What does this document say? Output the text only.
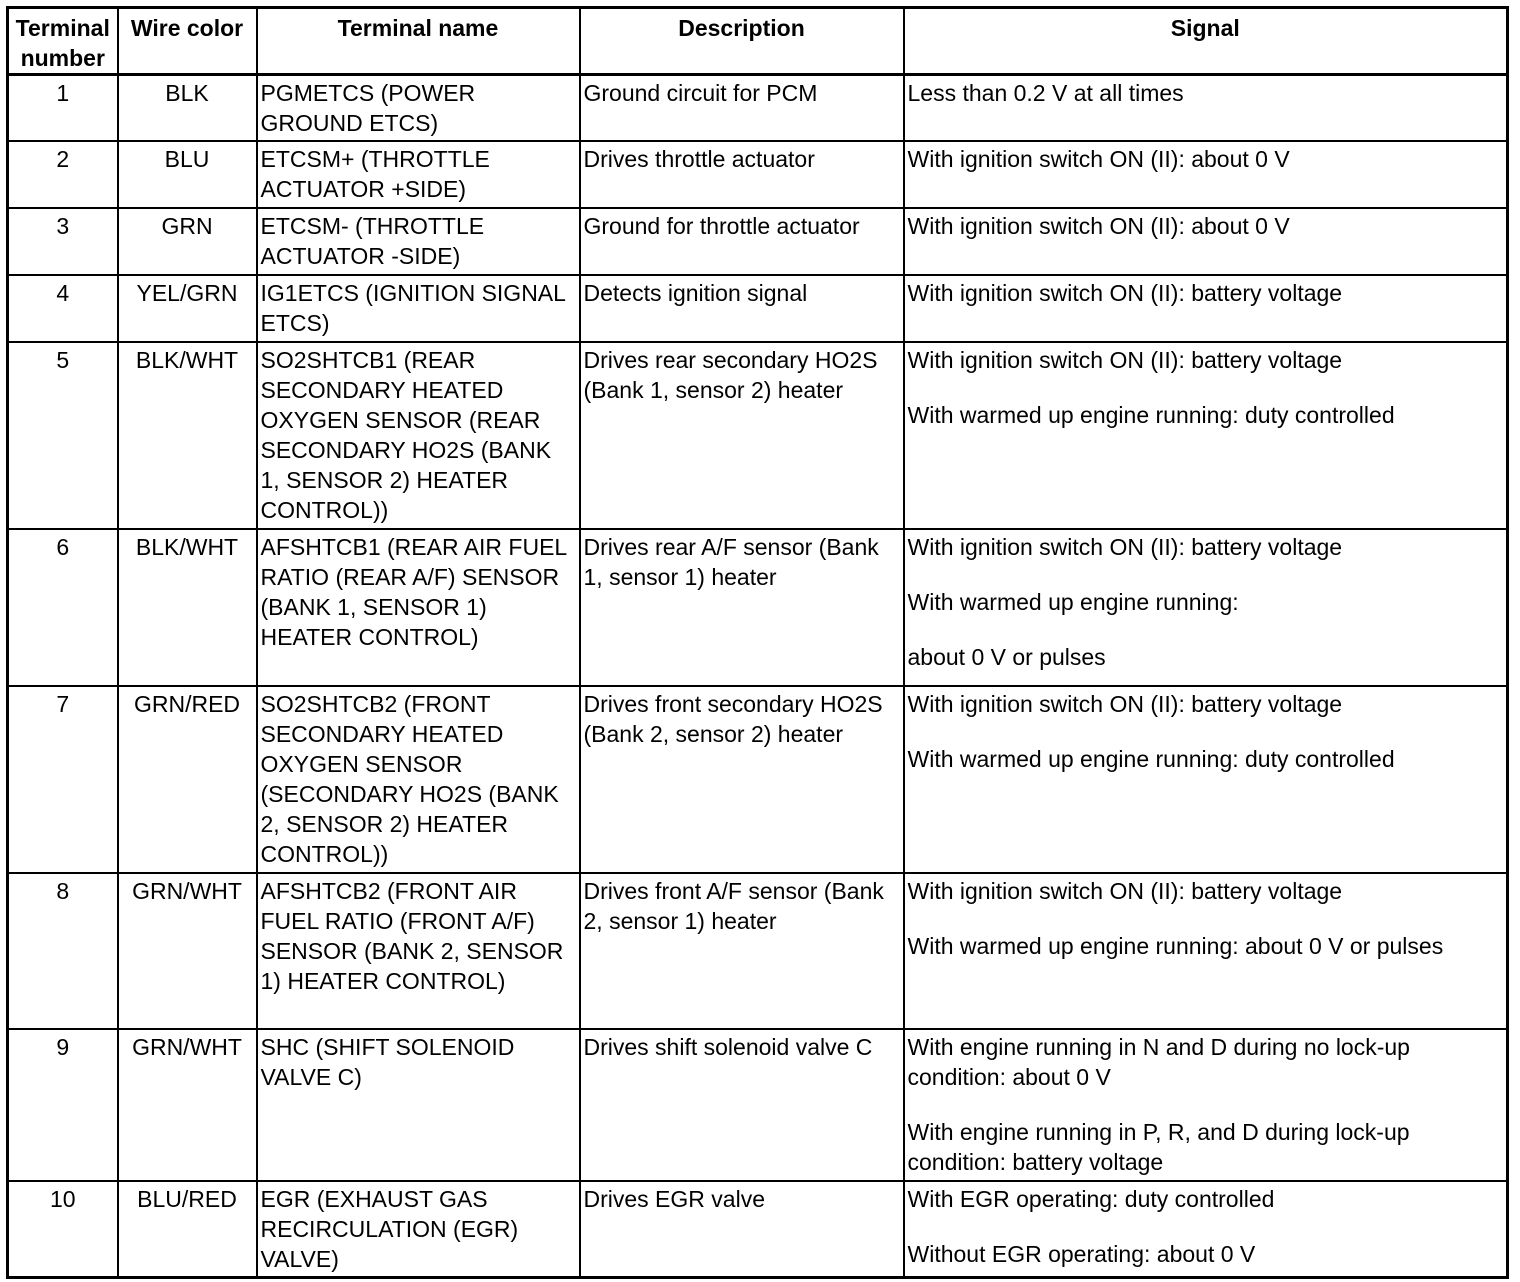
Terminal
number	Wire color	Terminal name	Description	Signal
1	BLK	PGMETCS (POWER GROUND ETCS)	Ground circuit for PCM	Less than 0.2 V at all times

2	BLU	ETCSM+ (THROTTLE ACTUATOR +SIDE)	Drives throttle actuator	With ignition switch ON (II): about 0 V

3	GRN	ETCSM- (THROTTLE ACTUATOR -SIDE)	Ground for throttle actuator	With ignition switch ON (II): about 0 V

4	YEL/GRN	IG1ETCS (IGNITION SIGNAL ETCS)	Detects ignition signal	With ignition switch ON (II): battery voltage

5	BLK/WHT	SO2SHTCB1 (REAR SECONDARY HEATED OXYGEN SENSOR (REAR SECONDARY HO2S (BANK 1, SENSOR 2) HEATER CONTROL))	Drives rear secondary HO2S (Bank 1, sensor 2) heater	With ignition switch ON (II): battery voltage
With warmed up engine running: duty controlled

6	BLK/WHT	AFSHTCB1 (REAR AIR FUEL RATIO (REAR A/F) SENSOR (BANK 1, SENSOR 1) HEATER CONTROL)	Drives rear A/F sensor (Bank 1, sensor 1) heater	With ignition switch ON (II): battery voltage
With warmed up engine running:
about 0 V or pulses

7	GRN/RED	SO2SHTCB2 (FRONT SECONDARY HEATED OXYGEN SENSOR (SECONDARY HO2S (BANK 2, SENSOR 2) HEATER CONTROL))	Drives front secondary HO2S (Bank 2, sensor 2) heater	With ignition switch ON (II): battery voltage
With warmed up engine running: duty controlled

8	GRN/WHT	AFSHTCB2 (FRONT AIR FUEL RATIO (FRONT A/F) SENSOR (BANK 2, SENSOR 1) HEATER CONTROL)	Drives front A/F sensor (Bank 2, sensor 1) heater	With ignition switch ON (II): battery voltage
With warmed up engine running: about 0 V or pulses

9	GRN/WHT	SHC (SHIFT SOLENOID VALVE C)	Drives shift solenoid valve C	With engine running in N and D during no lock-up condition: about 0 V
With engine running in P, R, and D during lock-up condition: battery voltage

10	BLU/RED	EGR (EXHAUST GAS RECIRCULATION (EGR) VALVE)	Drives EGR valve	With EGR operating: duty controlled
Without EGR operating: about 0 V
